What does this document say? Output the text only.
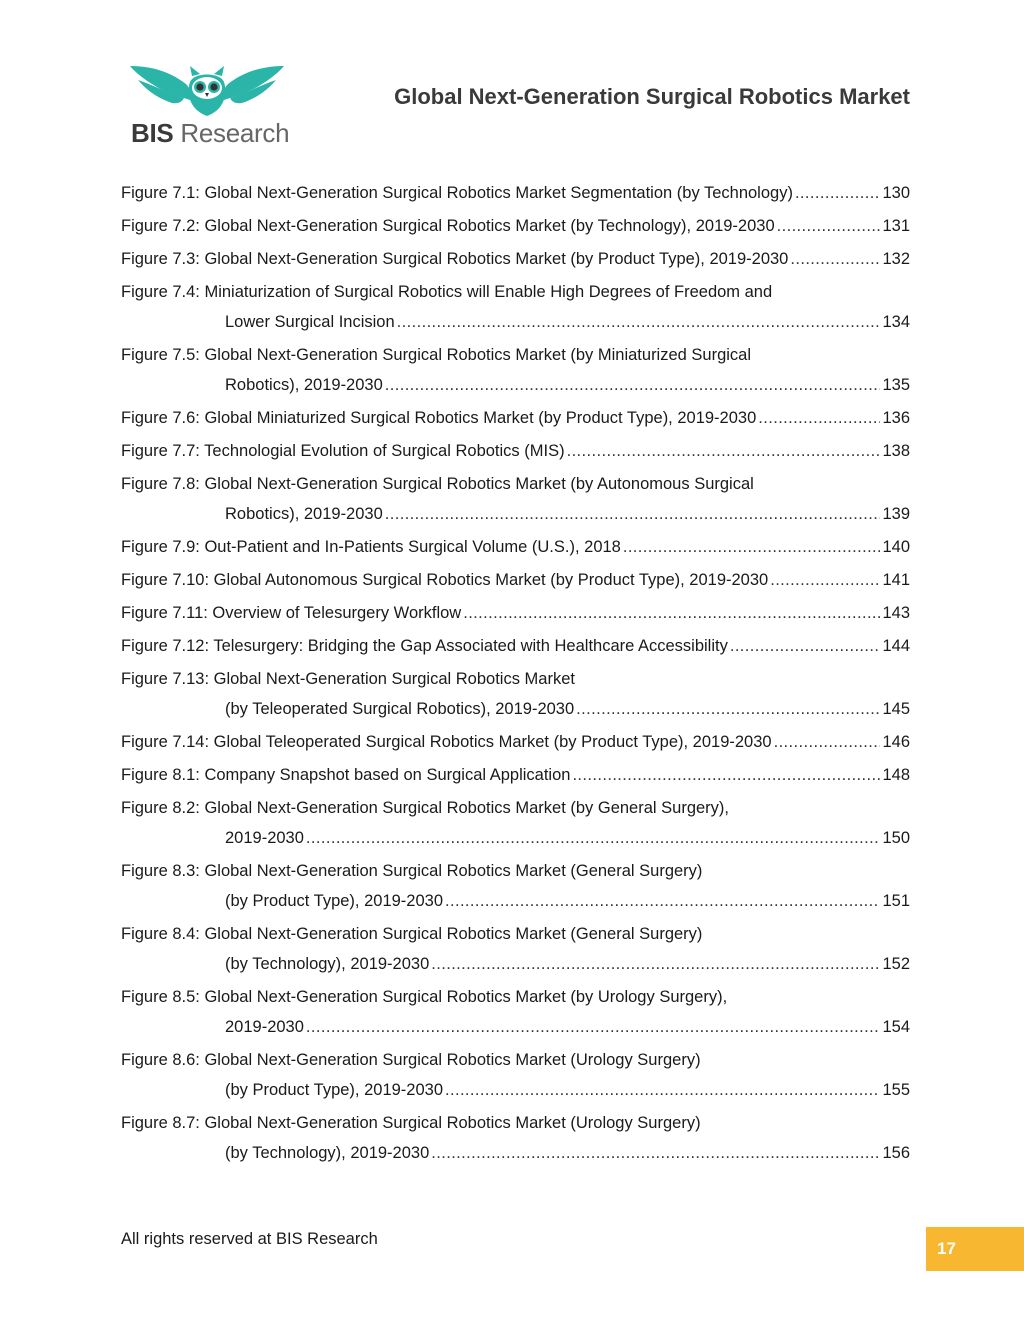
BIS Research
Global Next-Generation Surgical Robotics Market
Figure 7.1: Global Next-Generation Surgical Robotics Market Segmentation (by Technology) .....	130
Figure 7.2: Global Next-Generation Surgical Robotics Market (by Technology), 2019-2030 .....	131
Figure 7.3: Global Next-Generation Surgical Robotics Market (by Product Type), 2019-2030 .....	132
Figure 7.4: Miniaturization of Surgical Robotics will Enable High Degrees of Freedom and
Lower Surgical Incision .....	134
Figure 7.5: Global Next-Generation Surgical Robotics Market (by Miniaturized Surgical
Robotics), 2019-2030 .....	135
Figure 7.6: Global Miniaturized Surgical Robotics Market (by Product Type), 2019-2030 .....	136
Figure 7.7: Technologial Evolution of Surgical Robotics (MIS) .....	138
Figure 7.8: Global Next-Generation Surgical Robotics Market (by Autonomous Surgical
Robotics), 2019-2030 .....	139
Figure 7.9: Out-Patient and In-Patients Surgical Volume (U.S.), 2018 .....	140
Figure 7.10: Global Autonomous Surgical Robotics Market (by Product Type), 2019-2030 .....	141
Figure 7.11: Overview of Telesurgery Workflow .....	143
Figure 7.12: Telesurgery: Bridging the Gap Associated with Healthcare Accessibility .....	144
Figure 7.13: Global Next-Generation Surgical Robotics Market
(by Teleoperated Surgical Robotics), 2019-2030 .....	145
Figure 7.14: Global Teleoperated Surgical Robotics Market (by Product Type), 2019-2030 .....	146
Figure 8.1: Company Snapshot based on Surgical Application .....	148
Figure 8.2: Global Next-Generation Surgical Robotics Market (by General Surgery),
2019-2030 .....	150
Figure 8.3: Global Next-Generation Surgical Robotics Market (General Surgery)
(by Product Type), 2019-2030 .....	151
Figure 8.4: Global Next-Generation Surgical Robotics Market (General Surgery)
(by Technology), 2019-2030 .....	152
Figure 8.5: Global Next-Generation Surgical Robotics Market (by Urology Surgery),
2019-2030 .....	154
Figure 8.6: Global Next-Generation Surgical Robotics Market (Urology Surgery)
(by Product Type), 2019-2030 .....	155
Figure 8.7: Global Next-Generation Surgical Robotics Market (Urology Surgery)
(by Technology), 2019-2030 .....	156
All rights reserved at BIS Research	17
